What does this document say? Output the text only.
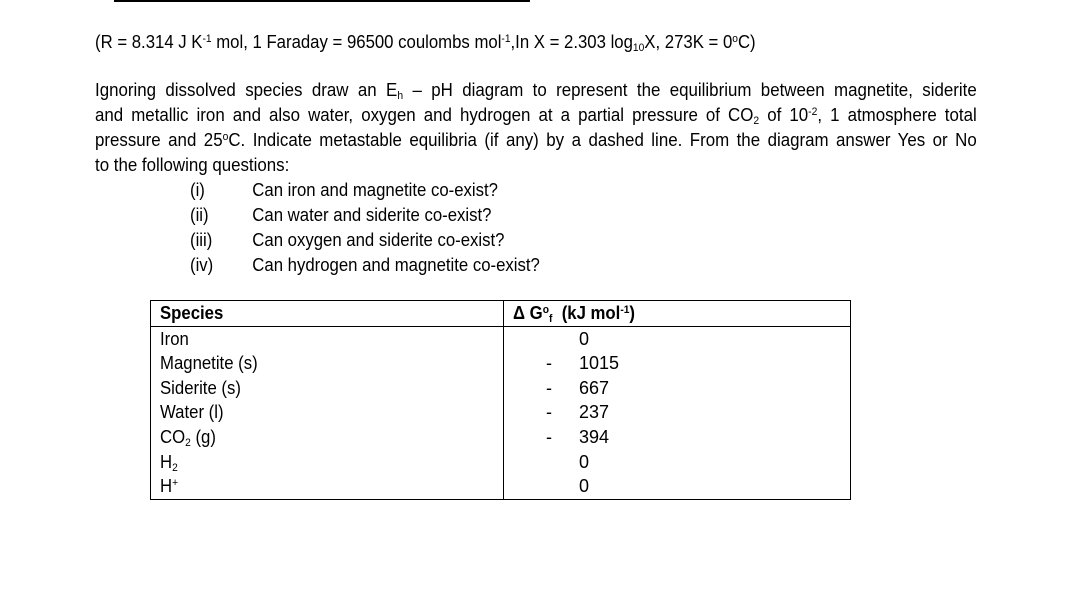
(R = 8.314 J $K^{-1}$ mol, 1 Faraday = 96500 coulombs mol$^{-1}$,In X = 2.303 $\log_{10}X$, $273K = 0^oC$)
Ignoring dissolved species draw an $E_h$ – pH diagram to represent the equilibrium between magnetite, siderite
and metallic iron and also water, oxygen and hydrogen at a partial pressure of $CO_2$ of $10^{-2}$, 1 atmosphere total
pressure and 25$^o$C. Indicate metastable equilibria (if any) by a dashed line. From the diagram answer Yes or No
to the following questions:
(i)	Can iron and magnetite co-exist?
(ii)	Can water and siderite co-exist?
(iii)	Can oxygen and siderite co-exist?
(iv)	Can hydrogen and magnetite co-exist?
Species	Δ $G^o_f$  (kJ mol$^{-1}$)
Iron	0

Magnetite (s)	- 1015

Siderite (s)	- 667

Water (l)	- 237

$CO_2$ (g)	- 394

$H_2$	0

H+	0
